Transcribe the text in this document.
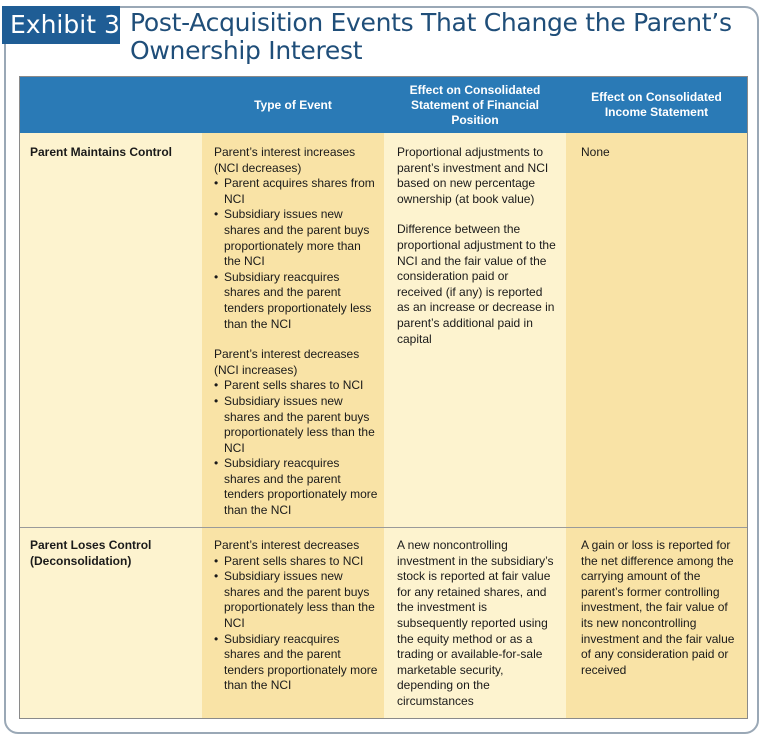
Exhibit 3 Post-Acquisition Events That Change the Parent’s
Ownership Interest
Type of Event
Effect on Consolidated
Statement of Financial
Position
Effect on Consolidated
Income Statement
Parent Maintains Control	Parent’s interest increases (NCI decreases)

• Parent acquires shares from NCI
• Subsidiary issues new shares and the parent buys proportionately more than the NCI
• Subsidiary reacquires shares and the parent tenders proportionately less than the NCI

Parent’s interest decreases (NCI increases)

• Parent sells shares to NCI
• Subsidiary issues new shares and the parent buys proportionately less than the NCI
• Subsidiary reacquires shares and the parent tenders proportionately more than the NCI

Proportional adjustments to parent’s investment and NCI based on new percentage ownership (at book value)

Difference between the proportional adjustment to the NCI and the fair value of the consideration paid or received (if any) is reported as an increase or decrease in parent’s additional paid in capital

None
Parent Loses Control
(Deconsolidation)

Parent’s interest decreases

• Parent sells shares to NCI
• Subsidiary issues new shares and the parent buys proportionately less than the NCI
• Subsidiary reacquires shares and the parent tenders proportionately more than the NCI
A new noncontrolling investment in the subsidiary’s stock is reported at fair value for any retained shares, and the investment is subsequently reported using the equity method or as a trading or available-for-sale marketable security, depending on the circumstances
A gain or loss is reported for the net difference among the carrying amount of the parent’s former controlling investment, the fair value of its new noncontrolling investment and the fair value of any consideration paid or received
